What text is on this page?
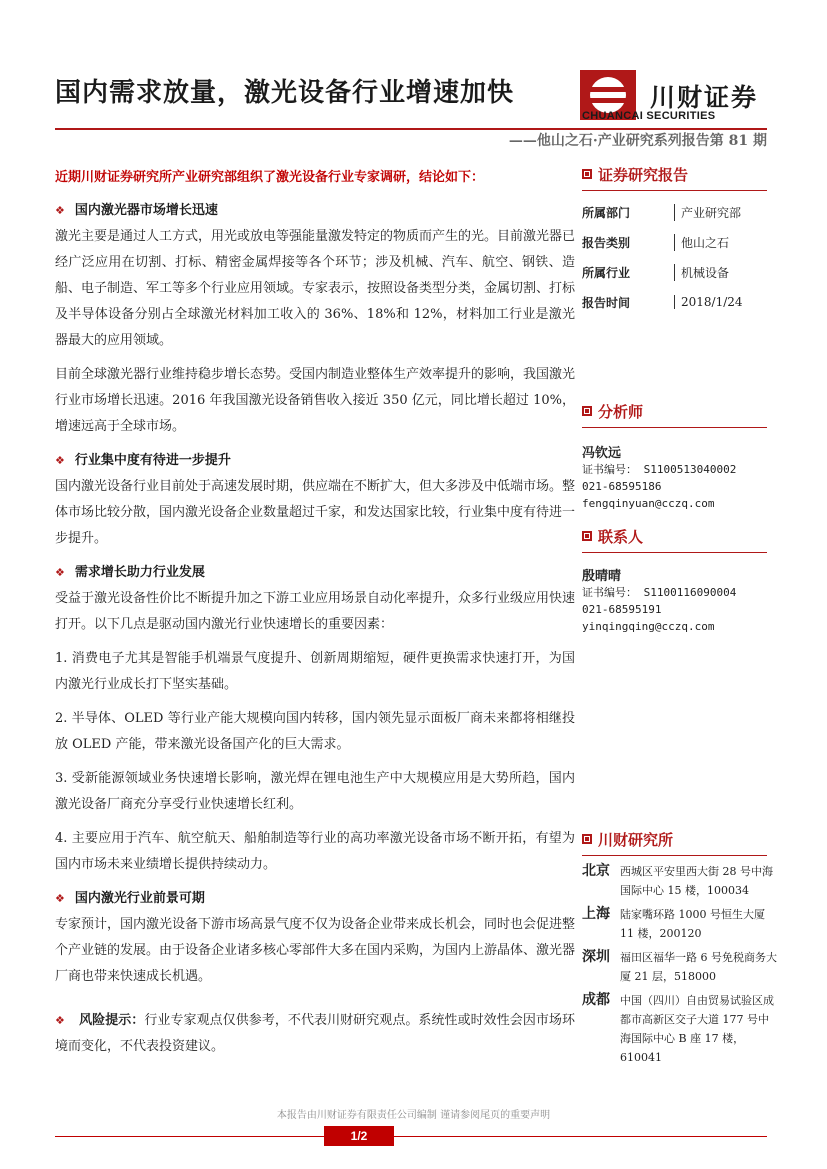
国内需求放量，激光设备行业增速加快	川财证券
CHUANCAI SECURITIES
——他山之石·产业研究系列报告第 81 期
近期川财证券研究所产业研究部组织了激光设备行业专家调研，结论如下：
❖ 国内激光器市场增长迅速
激光主要是通过人工方式，用光或放电等强能量激发特定的物质而产生的光。目前激光器已经广泛应用在切割、打标、精密金属焊接等各个环节；涉及机械、汽车、航空、钢铁、造船、电子制造、军工等多个行业应用领域。专家表示，按照设备类型分类，金属切割、打标及半导体设备分别占全球激光材料加工收入的 36%、18%和 12%，材料加工行业是激光器最大的应用领域。
目前全球激光器行业维持稳步增长态势。受国内制造业整体生产效率提升的影响，我国激光行业市场增长迅速。2016 年我国激光设备销售收入接近 350 亿元，同比增长超过 10%，增速远高于全球市场。
❖ 行业集中度有待进一步提升
国内激光设备行业目前处于高速发展时期，供应端在不断扩大，但大多涉及中低端市场。整体市场比较分散，国内激光设备企业数量超过千家，和发达国家比较，行业集中度有待进一步提升。
❖ 需求增长助力行业发展
受益于激光设备性价比不断提升加之下游工业应用场景自动化率提升，众多行业级应用快速打开。以下几点是驱动国内激光行业快速增长的重要因素：
1. 消费电子尤其是智能手机端景气度提升、创新周期缩短，硬件更换需求快速打开，为国内激光行业成长打下坚实基础。
2. 半导体、OLED 等行业产能大规模向国内转移，国内领先显示面板厂商未来都将相继投放 OLED 产能，带来激光设备国产化的巨大需求。
3. 受新能源领域业务快速增长影响，激光焊在锂电池生产中大规模应用是大势所趋，国内激光设备厂商充分享受行业快速增长红利。
4. 主要应用于汽车、航空航天、船舶制造等行业的高功率激光设备市场不断开拓，有望为国内市场未来业绩增长提供持续动力。
❖ 国内激光行业前景可期
专家预计，国内激光设备下游市场高景气度不仅为设备企业带来成长机会，同时也会促进整个产业链的发展。由于设备企业诸多核心零部件大多在国内采购，为国内上游晶体、激光器厂商也带来快速成长机遇。
❖ 风险提示：行业专家观点仅供参考，不代表川财研究观点。系统性或时效性会因市场环境而变化，不代表投资建议。
证券研究报告
所属部门	产业研究部
报告类别	他山之石
所属行业	机械设备
报告时间	2018/1/24
分析师
冯钦远
证书编号： S1100513040002
021-68595186
fengqinyuan@cczq.com
联系人
殷晴晴
证书编号： S1100116090004
021-68595191
yinqingqing@cczq.com
川财研究所
北京 西城区平安里西大街 28 号中海国际中心 15 楼，100034
上海 陆家嘴环路 1000 号恒生大厦 11 楼，200120
深圳 福田区福华一路 6 号免税商务大厦 21 层，518000
成都 中国（四川）自由贸易试验区成都市高新区交子大道 177 号中海国际中心 B 座 17 楼，610041
本报告由川财证券有限责任公司编制 谨请参阅尾页的重要声明
1/2
